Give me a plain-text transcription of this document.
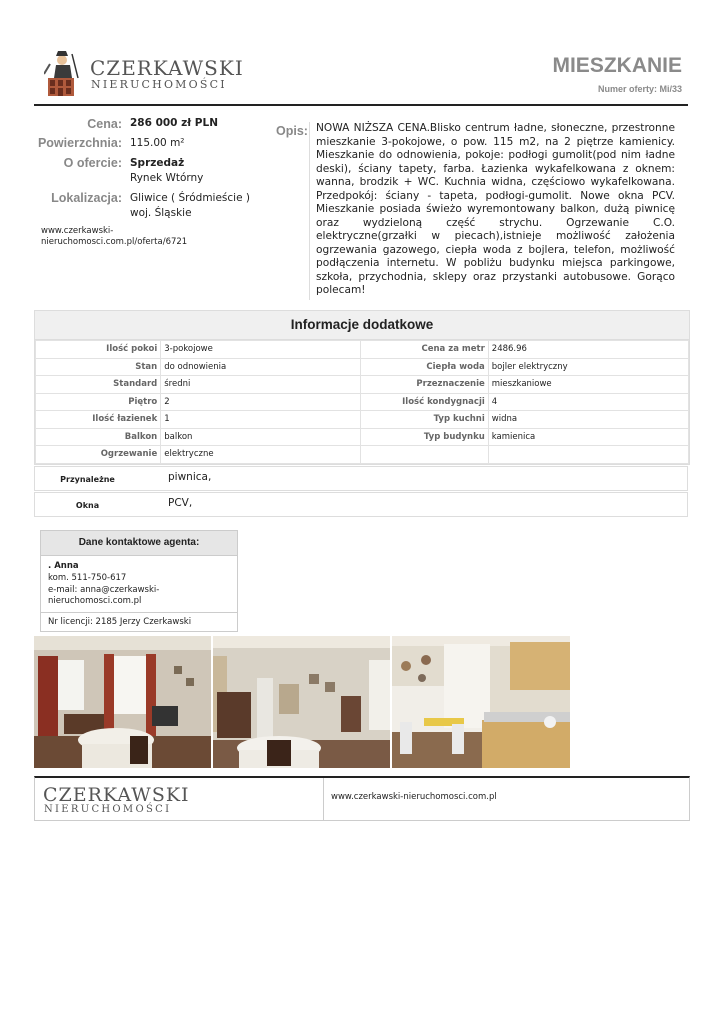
CZERKAWSKI
NIERUCHOMOŚCI
MIESZKANIE
Numer oferty: Mi/33
Cena: 286 000 zł PLN
Powierzchnia: 115.00 m²
O ofercie: Sprzedaż
Rynek Wtórny
Lokalizacja: Gliwice ( Śródmieście )
woj. Śląskie
www.czerkawski-nieruchomosci.com.pl/oferta/6721
Opis: NOWA NIŻSZA CENA.Blisko centrum ładne, słoneczne, przestronne mieszkanie 3-pokojowe, o pow. 115 m2, na 2 piętrze kamienicy. Mieszkanie do odnowienia, pokoje: podłogi gumolit(pod nim ładne deski), ściany tapety, farba. Łazienka wykafelkowana z oknem: wanna, brodzik + WC. Kuchnia widna, częściowo wykafelkowana. Przedpokój: ściany - tapeta, podłogi-gumolit. Nowe okna PCV. Mieszkanie posiada świeżo wyremontowany balkon, dużą piwnicę oraz wydzieloną część strychu. Ogrzewanie C.O. elektryczne(grzałki w piecach),istnieje możliwość założenia ogrzewania gazowego, ciepła woda z bojlera, telefon, możliwość podłączenia internetu. W pobliżu budynku miejsca parkingowe, szkoła, przychodnia, sklepy oraz przystanki autobusowe. Gorąco polecam!
Informacje dodatkowe
Ilość pokoi	3-pokojowe	Cena za metr	2486.96
Stan	do odnowienia	Ciepła woda	bojler elektryczny
Standard	średni	Przeznaczenie	mieszkaniowe
Piętro	2	Ilość kondygnacji	4
Ilość łazienek	1	Typ kuchni	widna
Balkon	balkon	Typ budynku	kamienica
Ogrzewanie	elektryczne		
Przynależne	piwnica,
Okna	PCV,
Dane kontaktowe agenta:
. Anna
kom. 511-750-617
e-mail: anna@czerkawski-nieruchomosci.com.pl
Nr licencji: 2185 Jerzy Czerkawski
CZERKAWSKI
NIERUCHOMOŚCI
www.czerkawski-nieruchomosci.com.pl
